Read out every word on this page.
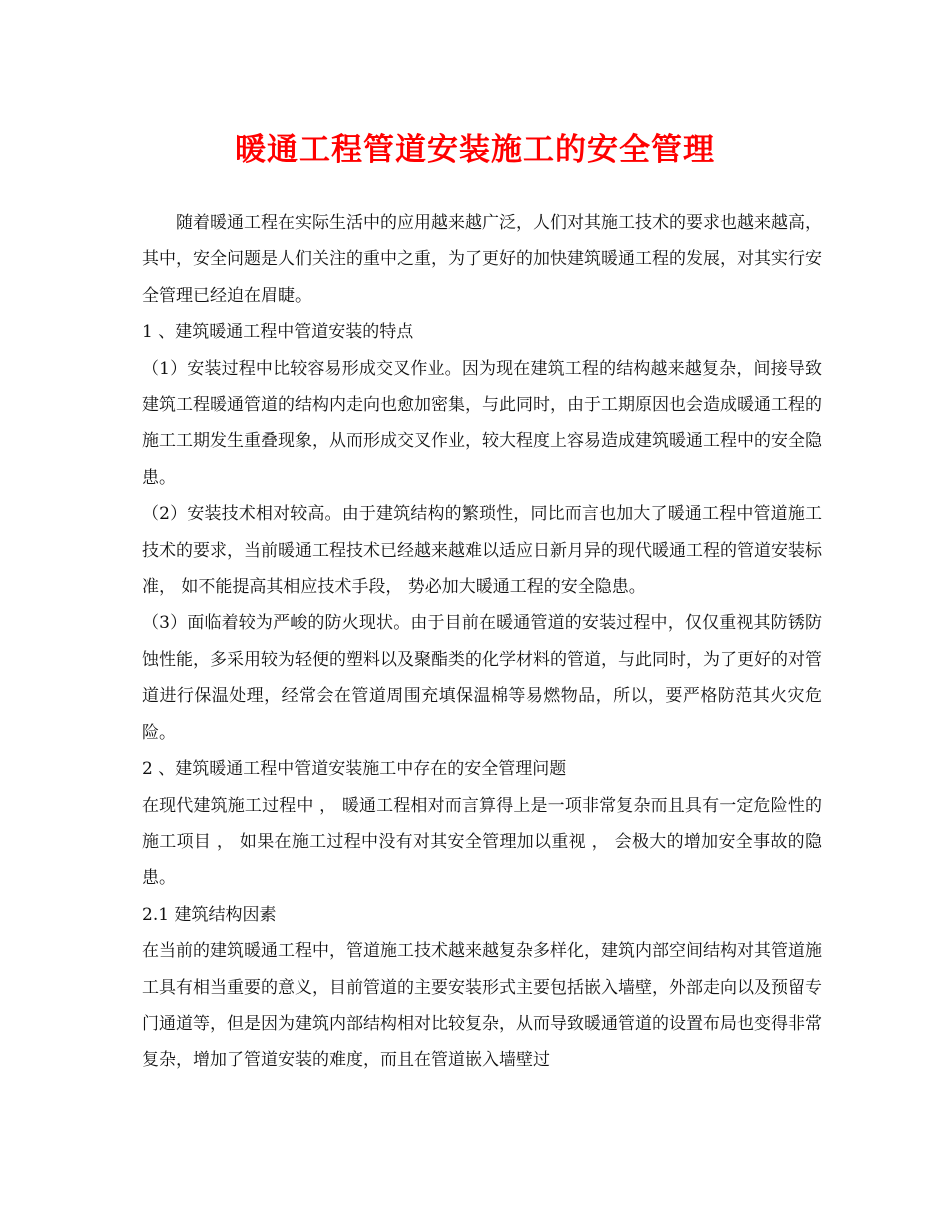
暖通工程管道安装施工的安全管理

随着暖通工程在实际生活中的应用越来越广泛，人们对其施工技术的要求也越来越高，其中，安全问题是人们关注的重中之重，为了更好的加快建筑暖通工程的发展，对其实行安全管理已经迫在眉睫。

1 、建筑暖通工程中管道安装的特点

（1）安装过程中比较容易形成交叉作业。因为现在建筑工程的结构越来越复杂，间接导致建筑工程暖通管道的结构内走向也愈加密集，与此同时，由于工期原因也会造成暖通工程的施工工期发生重叠现象，从而形成交叉作业，较大程度上容易造成建筑暖通工程中的安全隐患。

（2）安装技术相对较高。由于建筑结构的繁琐性，同比而言也加大了暖通工程中管道施工技术的要求，当前暖通工程技术已经越来越难以适应日新月异的现代暖通工程的管道安装标准， 如不能提高其相应技术手段， 势必加大暖通工程的安全隐患。

（3）面临着较为严峻的防火现状。由于目前在暖通管道的安装过程中，仅仅重视其防锈防蚀性能，多采用较为轻便的塑料以及聚酯类的化学材料的管道，与此同时，为了更好的对管道进行保温处理，经常会在管道周围充填保温棉等易燃物品，所以，要严格防范其火灾危险。

2 、建筑暖通工程中管道安装施工中存在的安全管理问题

在现代建筑施工过程中 ， 暖通工程相对而言算得上是一项非常复杂而且具有一定危险性的施工项目 ， 如果在施工过程中没有对其安全管理加以重视 ， 会极大的增加安全事故的隐患。

2.1 建筑结构因素

在当前的建筑暖通工程中，管道施工技术越来越复杂多样化，建筑内部空间结构对其管道施工具有相当重要的意义，目前管道的主要安装形式主要包括嵌入墙壁，外部走向以及预留专门通道等，但是因为建筑内部结构相对比较复杂，从而导致暖通管道的设置布局也变得非常复杂，增加了管道安装的难度，而且在管道嵌入墙壁过
